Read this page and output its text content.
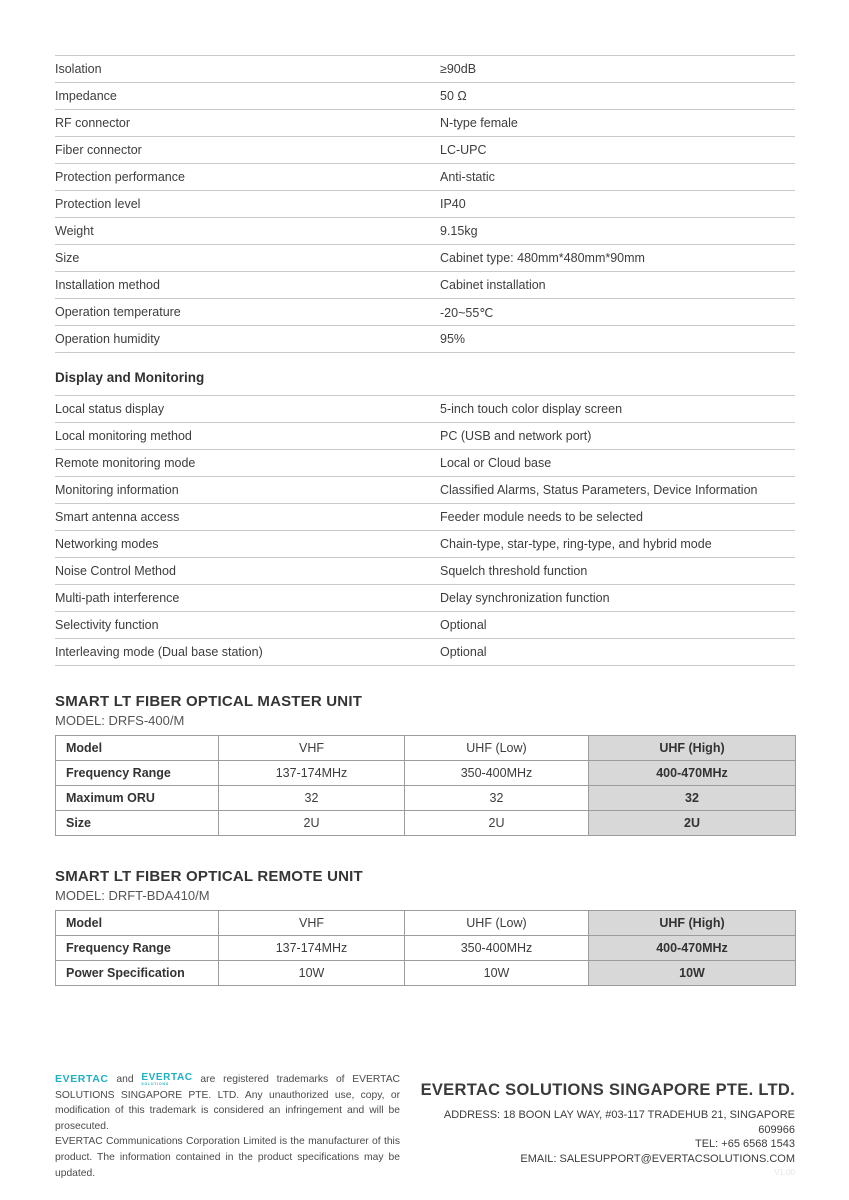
Isolation	≥90dB
Impedance	50 Ω
RF connector	N-type female
Fiber connector	LC-UPC
Protection performance	Anti-static
Protection level	IP40
Weight	9.15kg
Size	Cabinet type: 480mm*480mm*90mm
Installation method	Cabinet installation
Operation temperature	-20~55℃
Operation humidity	95%
Display and Monitoring
Local status display	5-inch touch color display screen
Local monitoring method	PC (USB and network port)
Remote monitoring mode	Local or Cloud base
Monitoring information	Classified Alarms, Status Parameters, Device Information
Smart antenna access	Feeder module needs to be selected
Networking modes	Chain-type, star-type, ring-type, and hybrid mode
Noise Control Method	Squelch threshold function
Multi-path interference	Delay synchronization function
Selectivity function	Optional
Interleaving mode (Dual base station)	Optional
SMART LT FIBER OPTICAL MASTER UNIT
MODEL: DRFS-400/M
Model	VHF	UHF (Low)	UHF (High)
Frequency Range	137-174MHz	350-400MHz	400-470MHz
Maximum ORU	32	32	32
Size	2U	2U	2U
SMART LT FIBER OPTICAL REMOTE UNIT
MODEL: DRFT-BDA410/M
Model	VHF	UHF (Low)	UHF (High)
Frequency Range	137-174MHz	350-400MHz	400-470MHz
Power Specification	10W	10W	10W

EVERTAC and EVERTAC
SOLUTIONS	are registered trademarks of EVERTAC SOLUTIONS SINGAPORE PTE. LTD. Any unauthorized use, copy, or modification of this trademark is considered an infringement and will be prosecuted.

EVERTAC Communications Corporation Limited is the manufacturer of this product. The information contained in the product specifications may be updated.

EVERTAC SOLUTIONS SINGAPORE PTE. LTD.
ADDRESS: 18 BOON LAY WAY, #03-117 TRADEHUB 21, SINGAPORE 609966
TEL: +65 6568 1543
EMAIL: SALESUPPORT@EVERTACSOLUTIONS.COM
V1.00
